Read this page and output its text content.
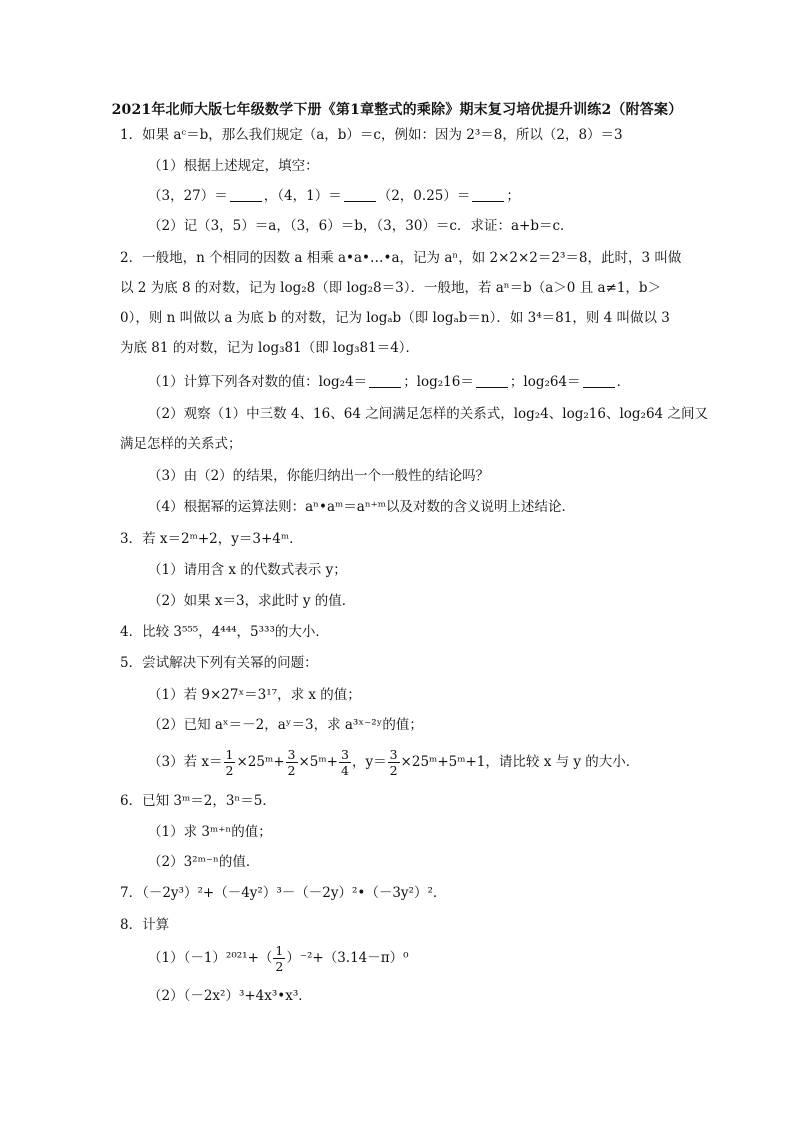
2021年北师大版七年级数学下册《第1章整式的乘除》期末复习培优提升训练2（附答案）
1．如果 aᶜ＝b，那么我们规定（a，b）＝c，例如：因为 2³＝8，所以（2，8）＝3
（1）根据上述规定，填空：
（3，27）＝	，（4，1）＝	（2，0.25）＝	；
（2）记（3，5）＝a，（3，6）＝b，（3，30）＝c．求证：a+b＝c．
2．一般地，n 个相同的因数 a 相乘 a•a•…•a，记为 aⁿ，如 2×2×2＝2³＝8，此时，3 叫做
以 2 为底 8 的对数，记为 log₂8（即 log₂8＝3）．一般地，若 aⁿ＝b（a＞0 且 a≠1，b＞
0），则 n 叫做以 a 为底 b 的对数，记为 logₐb（即 logₐb＝n）．如 3⁴＝81，则 4 叫做以 3
为底 81 的对数，记为 log₃81（即 log₃81＝4）．
（1）计算下列各对数的值：log₂4＝	；log₂16＝	；log₂64＝	．
（2）观察（1）中三数 4、16、64 之间满足怎样的关系式，log₂4、log₂16、log₂64 之间又
满足怎样的关系式；
（3）由（2）的结果，你能归纳出一个一般性的结论吗？
（4）根据幂的运算法则：aⁿ•aᵐ＝aⁿ⁺ᵐ以及对数的含义说明上述结论．
3．若 x＝2ᵐ+2，y＝3+4ᵐ．
（1）请用含 x 的代数式表示 y；
（2）如果 x＝3，求此时 y 的值．
4．比较 3⁵⁵⁵，4⁴⁴⁴，5³³³的大小．
5．尝试解决下列有关幂的问题：
（1）若 9×27ˣ＝3¹⁷，求 x 的值；
（2）已知 aˣ＝－2，aʸ＝3，求 a³ˣ⁻²ʸ的值；
（3）若 $x= \frac{1}{2}$ ×25ᵐ+ $\frac{3}{2}$ ×5ᵐ+ $\frac{3}{4}$ ，$y= \frac{3}{2}$ ×25ᵐ+5ᵐ+1，请比较 x 与 y 的大小．
6．已知 3ᵐ＝2，3ⁿ＝5．
（1）求 3ᵐ⁺ⁿ的值；
（2）3²ᵐ⁻ⁿ的值．
7．（－2y³）²+（－4y²）³－（－2y）²•（－3y²）²．
8．计算
$(1)(-1)^{2021}+( \frac{1}{2} )^{-2}+(3.14-\pi)^0$
（2）（－2x²）³+4x³•x³．
